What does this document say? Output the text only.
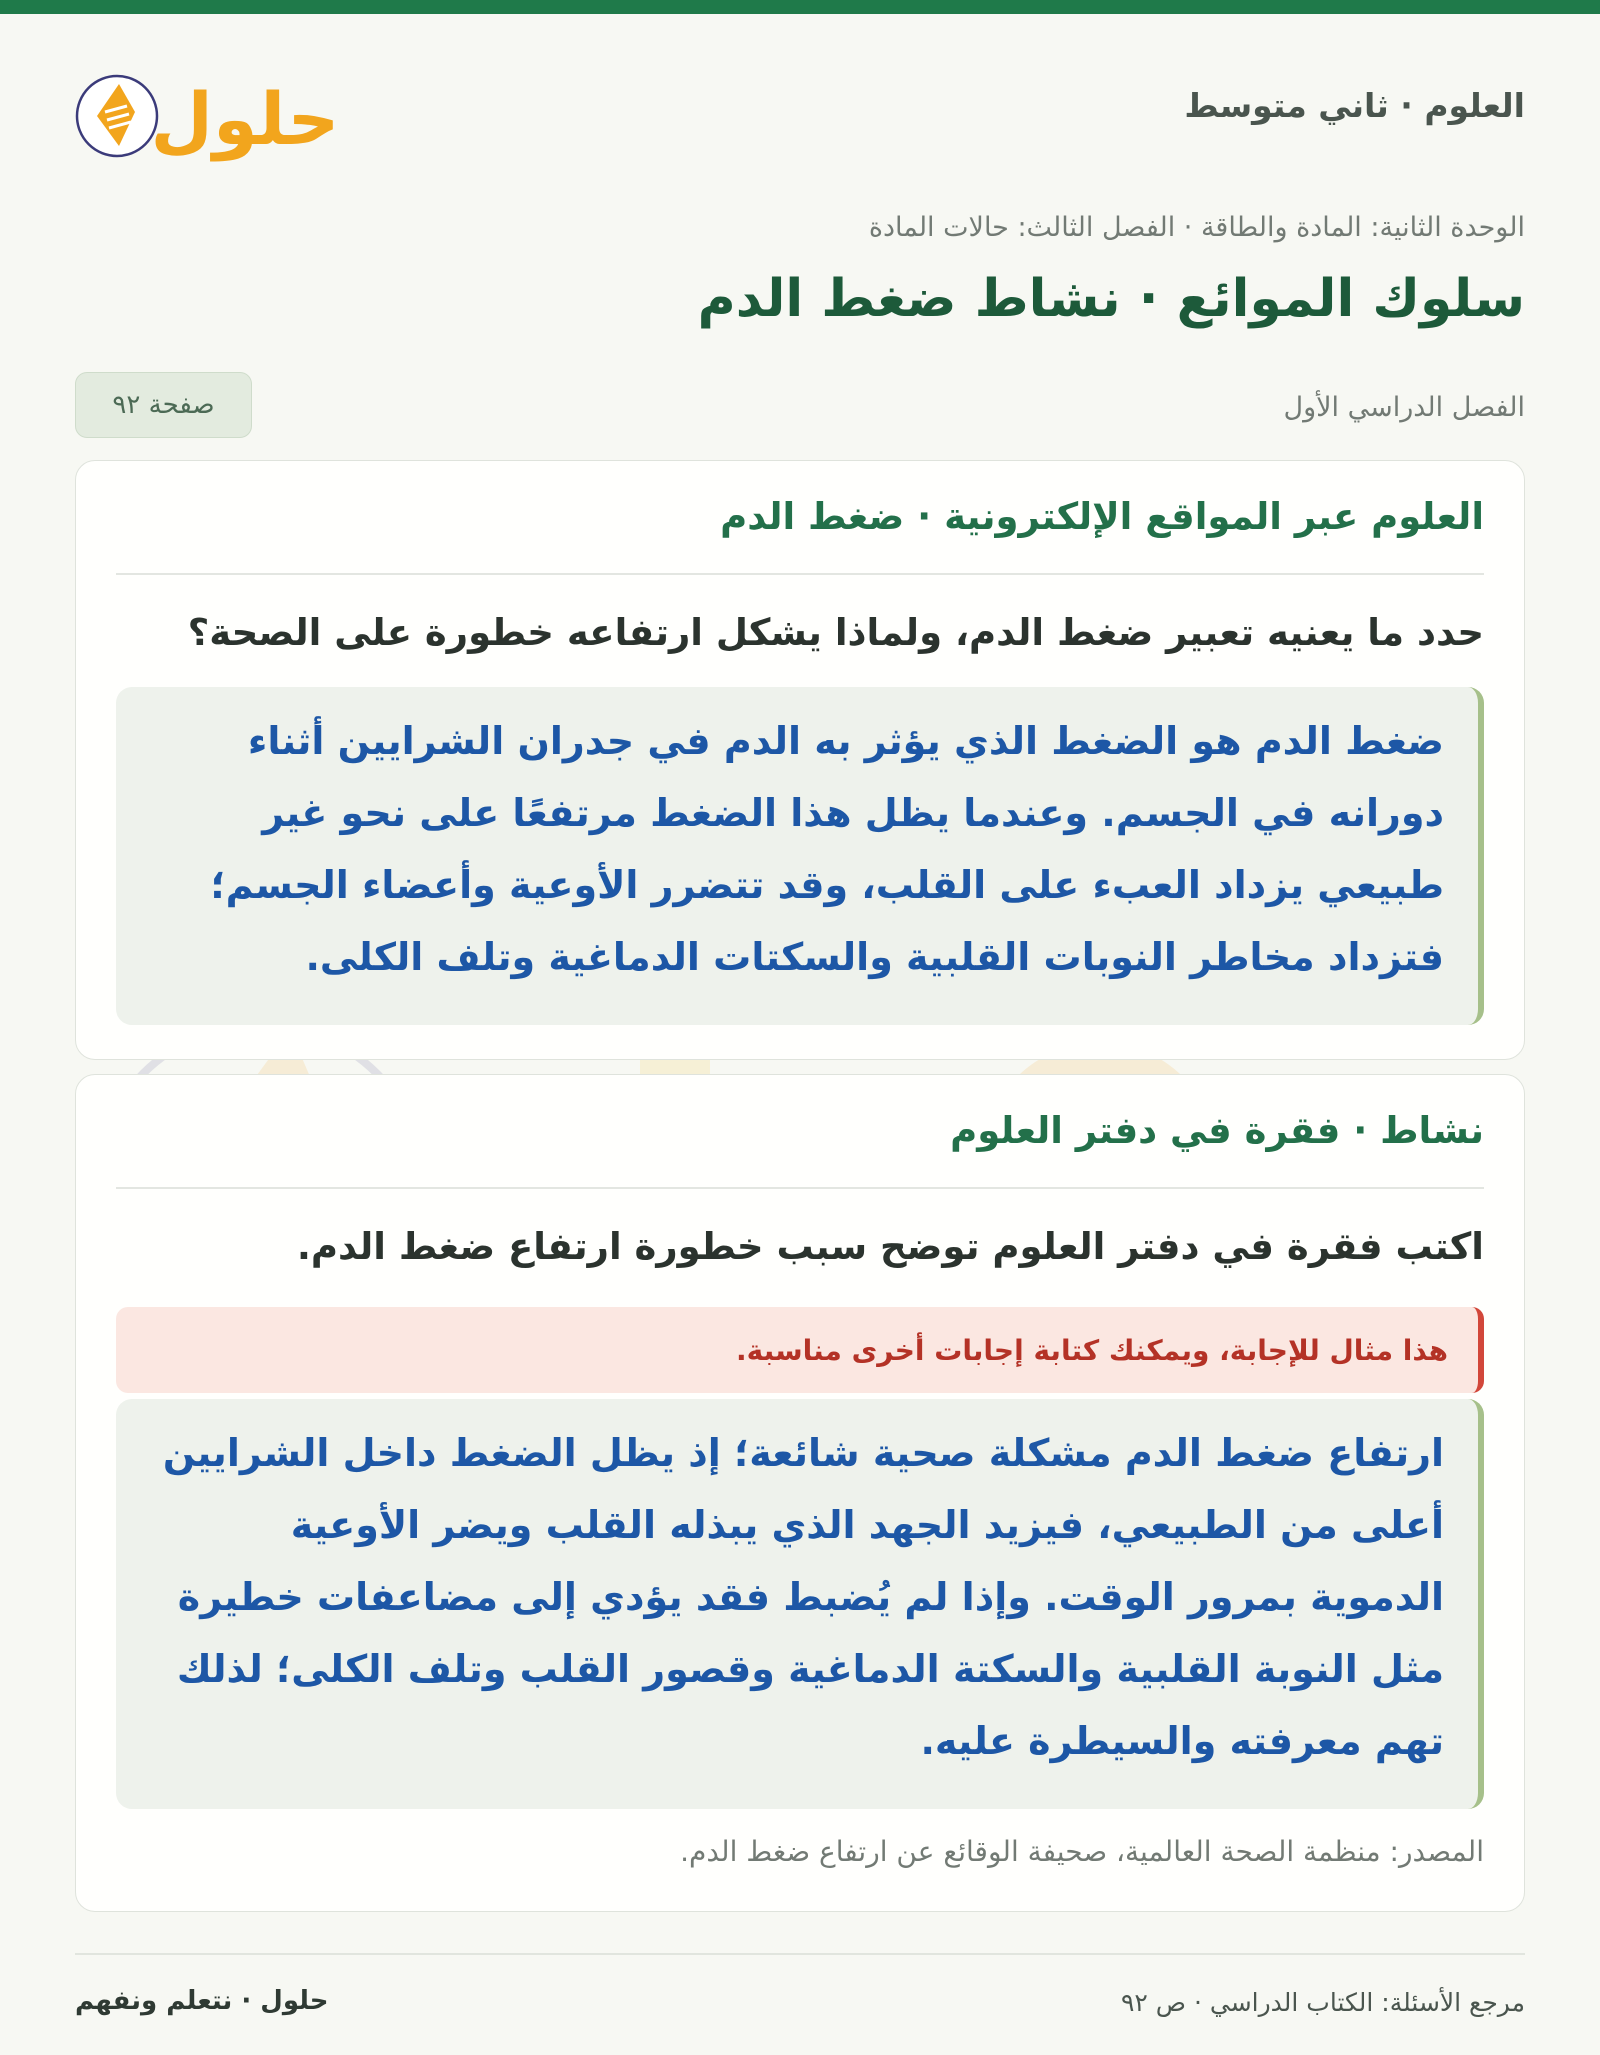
العلوم · ثاني متوسط
حلول
الوحدة الثانية: المادة والطاقة · الفصل الثالث: حالات المادة
سلوك الموائع · نشاط ضغط الدم
الفصل الدراسي الأول
صفحة ٩٢
العلوم عبر المواقع الإلكترونية · ضغط الدم
حدد ما يعنيه تعبير ضغط الدم، ولماذا يشكل ارتفاعه خطورة على الصحة؟
ضغط الدم هو الضغط الذي يؤثر به الدم في جدران الشرايين أثناء دورانه في الجسم. وعندما يظل هذا الضغط مرتفعًا على نحو غير طبيعي يزداد العبء على القلب، وقد تتضرر الأوعية وأعضاء الجسم؛ فتزداد مخاطر النوبات القلبية والسكتات الدماغية وتلف الكلى.
نشاط · فقرة في دفتر العلوم
اكتب فقرة في دفتر العلوم توضح سبب خطورة ارتفاع ضغط الدم.
هذا مثال للإجابة، ويمكنك كتابة إجابات أخرى مناسبة.
ارتفاع ضغط الدم مشكلة صحية شائعة؛ إذ يظل الضغط داخل الشرايين أعلى من الطبيعي، فيزيد الجهد الذي يبذله القلب ويضر الأوعية الدموية بمرور الوقت. وإذا لم يُضبط فقد يؤدي إلى مضاعفات خطيرة مثل النوبة القلبية والسكتة الدماغية وقصور القلب وتلف الكلى؛ لذلك تهم معرفته والسيطرة عليه.
المصدر: منظمة الصحة العالمية، صحيفة الوقائع عن ارتفاع ضغط الدم.
مرجع الأسئلة: الكتاب الدراسي · ص ٩٢
حلول · نتعلم ونفهم
